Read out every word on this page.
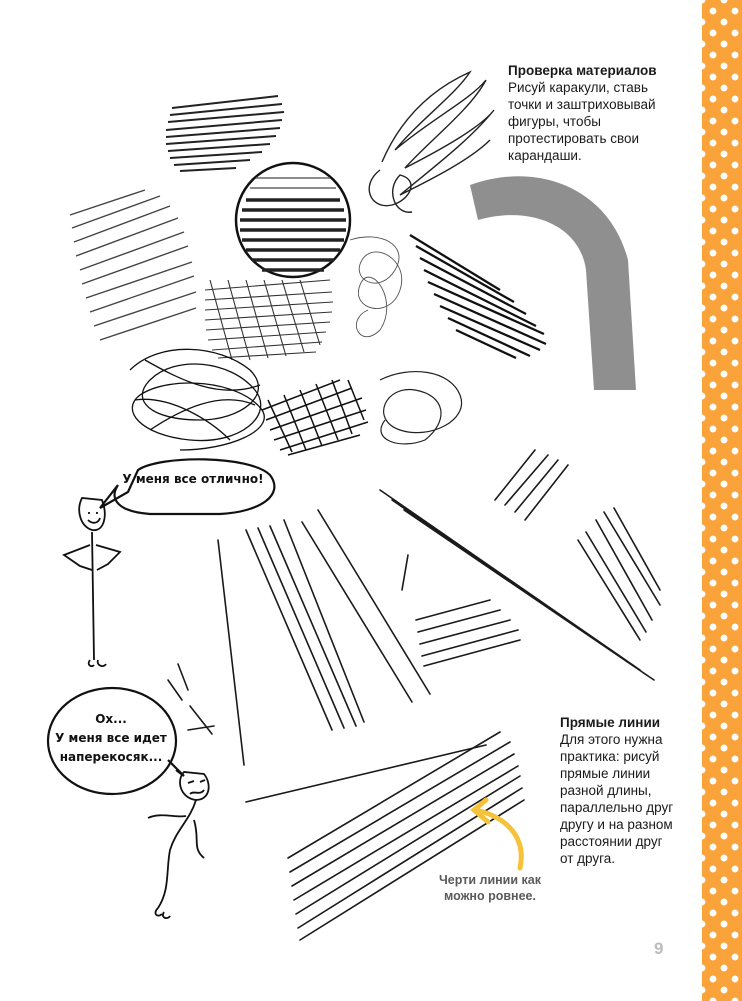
Проверка материалов
Рисуй каракули, ставь
точки и заштриховывай
фигуры, чтобы
протестировать свои
карандаши.
Прямые линии
Для этого нужна
практика: рисуй
прямые линии
разной длины,
параллельно друг
другу и на разном
расстоянии друг
от друга.
Черти линии как
можно ровнее.
У меня все отлично!
Ох...
У меня все идет
наперекосяк...
9
